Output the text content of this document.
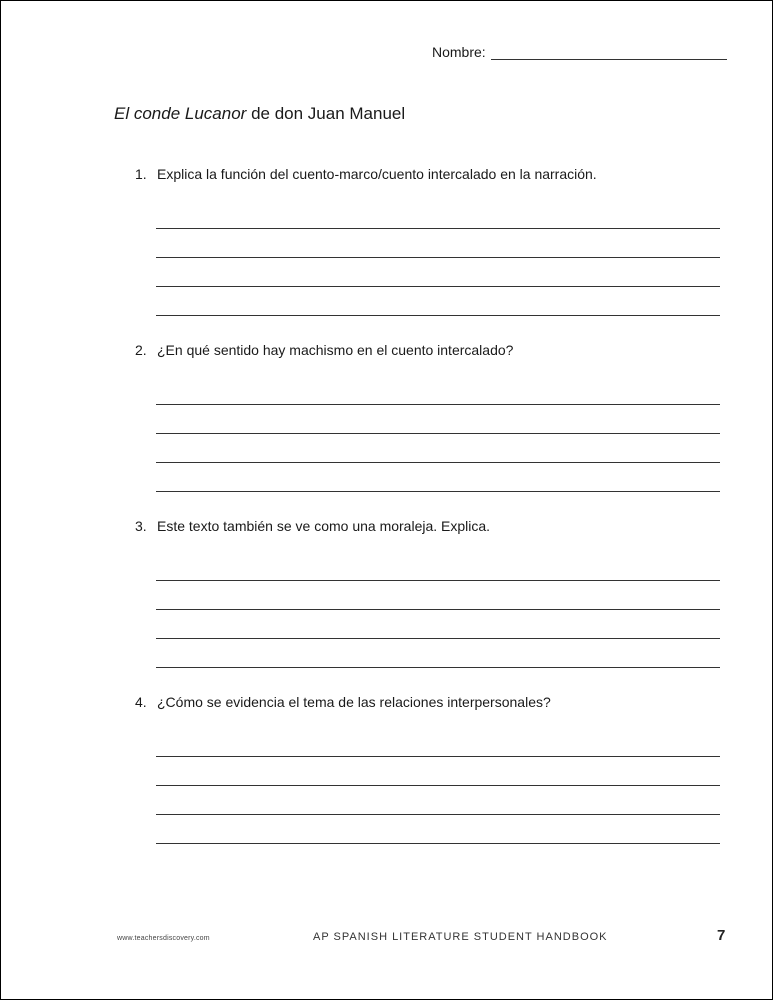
Nombre:
El conde Lucanor de don Juan Manuel
1. Explica la función del cuento-marco/cuento intercalado en la narración.
2. ¿En qué sentido hay machismo en el cuento intercalado?
3. Este texto también se ve como una moraleja. Explica.
4. ¿Cómo se evidencia el tema de las relaciones interpersonales?
www.teachersdiscovery.com	AP SPANISH LITERATURE STUDENT HANDBOOK	7
